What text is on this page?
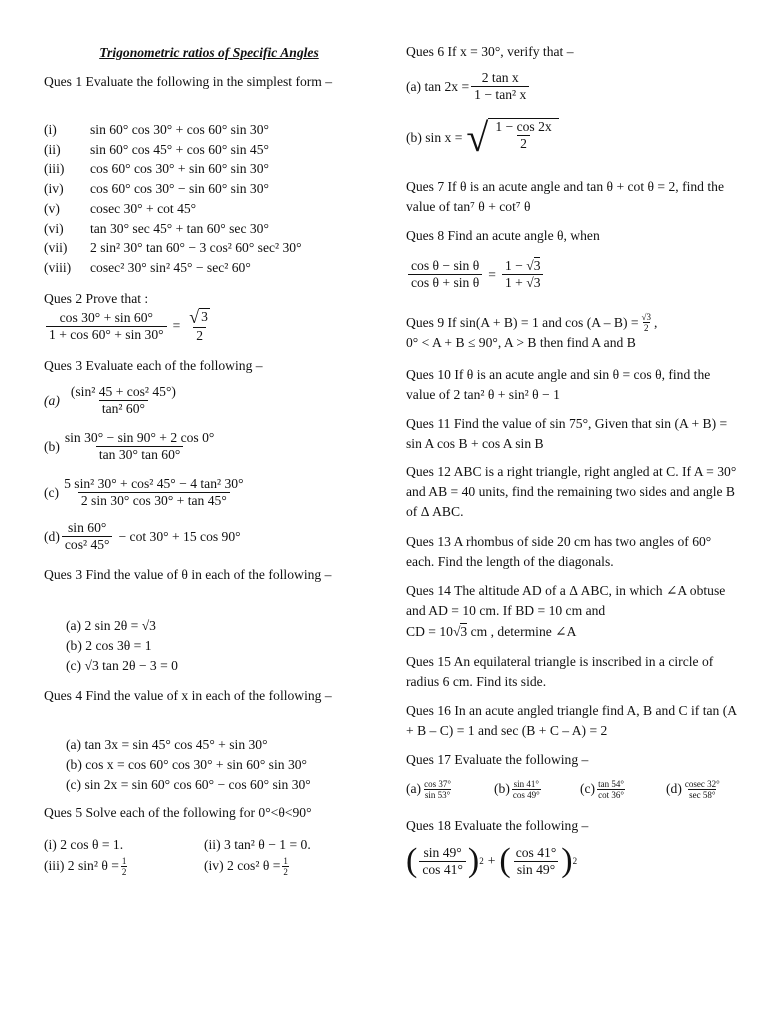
Trigonometric ratios of Specific Angles
Ques 1 Evaluate the following in the simplest form –
(i)	sin 60° cos 30° + cos 60° sin 30°
(ii)	sin 60° cos 45° + cos 60° sin 45°
(iii)	cos 60° cos 30° + sin 60° sin 30°
(iv)	cos 60° cos 30° − sin 60° sin 30°
(v)	cosec 30° + cot 45°
(vi)	tan 30° sec 45° + tan 60° sec 30°
(vii)	2 sin² 30° tan 60° − 3 cos² 60° sec² 30°
(viii)	cosec² 30° sin² 45° − sec² 60°
Ques 2 Prove that :
$\frac{\cos 30^\circ + \sin 60^\circ}{1 + \cos 60^\circ + \sin 30^\circ} = \frac{√ 3}{2}$
Ques 3 Evaluate each of the following –
$(a) \frac{\text{(sin² 45 + cos² 45°)}}{\text{tan² 60°}}$
$(b) \frac{\sin 30^\circ - \sin 90^\circ + 2 \cos 0^\circ}{\tan 30^\circ \tan 60^\circ}$
$(c) \frac{\text{5 sin² 30° + cos² 45° − 4 tan² 30°}}{2 \sin 30^\circ \cos 30^\circ + \tan 45^\circ}$
$(d) \frac{\sin 60^\circ}{\text{cos² 45°}} - \cot 30^\circ + 15$ cos 90°
Ques 3 Find the value of θ in each of the following –
(a) 2 sin 2θ = √3
(b) 2 cos 3θ = 1
(c) √3 tan 2θ − 3 = 0
Ques 4 Find the value of x in each of the following –
(a) tan 3x = sin 45° cos 45° + sin 30°
(b) cos x = cos 60° cos 30° + sin 60° sin 30°
(c) sin 2x = sin 60° cos 60° − cos 60° sin 30°
Ques 5 Solve each of the following for 0°<θ<90°
(i) 2 cos θ = 1.	(ii) 3 tan² θ − 1 = 0.
(iii) 2 sin² $\theta = \frac{1}{2}$	(iv) 2 cos² $\theta = \frac{1}{2}$
Ques 6 If x = 30°, verify that –
(a) $\tan 2x = \frac{\text{2 tan x}}{\text{1 − tan² x}}$
(b) sin x = √ $\frac{1 - \cos 2x}{2}$
Ques 7 If θ is an acute angle and tan θ + cot θ = 2, find the value of tan⁷ θ + cot⁷ θ
Ques 8 Find an acute angle θ, when
$\frac{\text{cos θ − sin θ}}{\text{cos θ + sin θ}} = \frac{1 - √3}{1 + √3}$
Ques 9 If sin(A + B) = 1 and $\cos (A - B) = \frac{√3}{2}$ ,
0° < A + B ≤ 90°, A > B then find A and B
Ques 10 If θ is an acute angle and sin θ = cos θ, find the value of 2 tan² θ + sin² θ − 1
Ques 11 Find the value of sin 75°, Given that sin (A + B) = sin A cos B + cos A sin B
Ques 12 ABC is a right triangle, right angled at C. If A = 30° and AB = 40 units, find the remaining two sides and angle B of Δ ABC.
Ques 13 A rhombus of side 20 cm has two angles of 60° each. Find the length of the diagonals.
Ques 14 The altitude AD of a Δ ABC, in which ∠A obtuse and AD = 10 cm. If BD = 10 cm and
CD = 10√3 cm , determine ∠A
Ques 15 An equilateral triangle is inscribed in a circle of radius 6 cm. Find its side.
Ques 16 In an acute angled triangle find A, B and C if tan (A + B – C) = 1 and sec (B + C – A) = 2
Ques 17 Evaluate the following –
$(a) \frac{\cos 37^\circ}{\sin 53^\circ}$	$(b) \frac{\sin 41^\circ}{\cos 49^\circ}$	$(c) \frac{\tan 54^\circ}{\cot 36^\circ}$	$(d) \frac{cosec 32^\circ}{\sec 58^\circ}$
Ques 18 Evaluate the following –
( $\frac{\sin 49^\circ}{\cos 41^\circ}$ ) 2 + ( $\frac{\cos 41^\circ}{\sin 49^\circ}$ ) 2
